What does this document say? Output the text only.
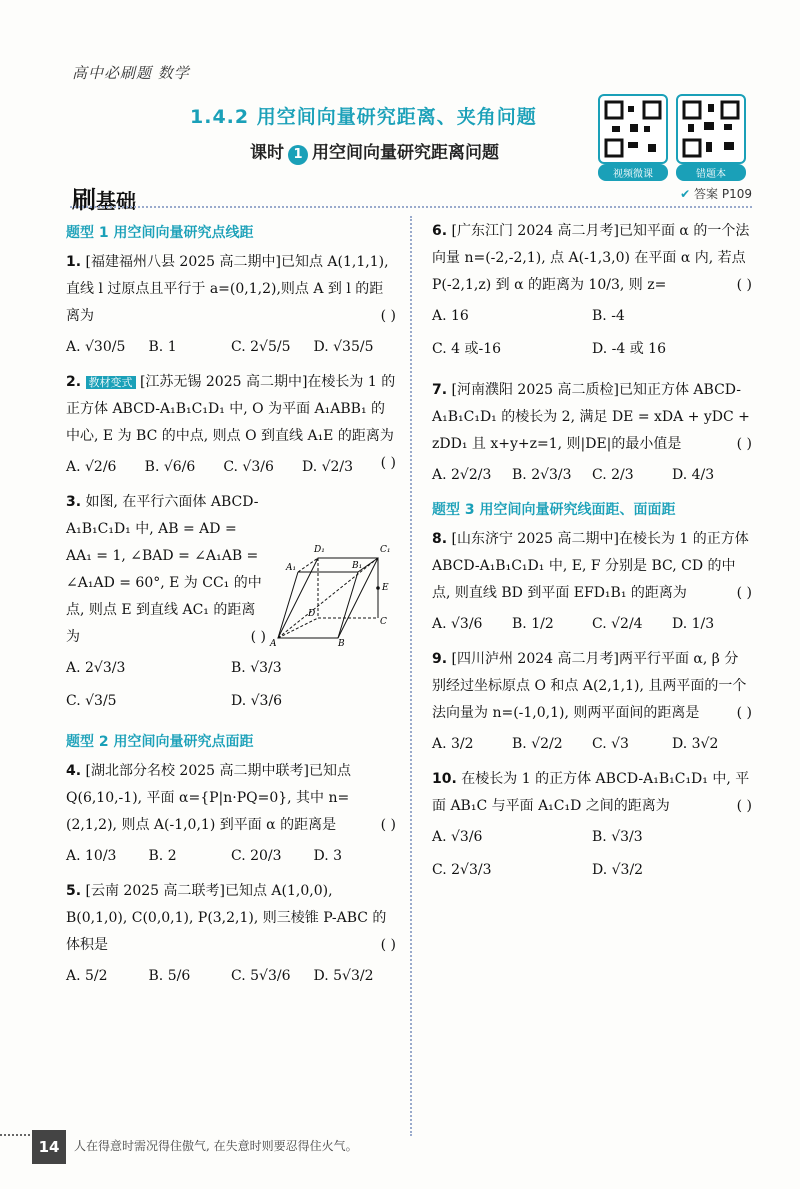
高中必刷题 数学
1.4.2 用空间向量研究距离、夹角问题
课时 1 用空间向量研究距离问题
视频微课	错题本
刷基础	✔ 答案 P109
题型 1 用空间向量研究点线距
1. [福建福州八县 2025 高二期中]已知点 A(1,1,1),直线 l 过原点且平行于 a=(0,1,2),则点 A 到 l 的距离为	( )
A. √30/5	B. 1	C. 2√5/5	D. √35/5
2. 教材变式 [江苏无锡 2025 高二期中]在棱长为 1 的正方体 ABCD-A₁B₁C₁D₁ 中, O 为平面 A₁ABB₁ 的中心, E 为 BC 的中点, 则点 O 到直线 A₁E 的距离为
( )
A. √2/6	B. √6/6	C. √3/6	D. √2/3
3. 如图, 在平行六面体 ABCD-A₁B₁C₁D₁ 中, AB = AD = AA₁ = 1, ∠BAD = ∠A₁AB = ∠A₁AD = 60°, E 为 CC₁ 的中点, 则点 E 到直线 AC₁ 的距离为	( )
A. 2√3/3	B. √3/3
C. √3/5	D. √3/6
题型 2 用空间向量研究点面距
4. [湖北部分名校 2025 高二期中联考]已知点 Q(6,10,-1), 平面 α={P|n·PQ=0}, 其中 n=(2,1,2), 则点 A(-1,0,1) 到平面 α 的距离是	( )
A. 10/3	B. 2	C. 20/3	D. 3
5. [云南 2025 高二联考]已知点 A(1,0,0), B(0,1,0), C(0,0,1), P(3,2,1), 则三棱锥 P-ABC 的体积是	( )
A. 5/2	B. 5/6	C. 5√3/6	D. 5√3/2
D₁	C₁
A₁	B₁
E
D
C
A	B
6. [广东江门 2024 高二月考]已知平面 α 的一个法向量 n=(-2,-2,1), 点 A(-1,3,0) 在平面 α 内, 若点 P(-2,1,z) 到 α 的距离为 10/3, 则 z=	( )
A. 16	B. -4
C. 4 或-16	D. -4 或 16
7. [河南濮阳 2025 高二质检]已知正方体 ABCD-A₁B₁C₁D₁ 的棱长为 2, 满足 DE = xDA + yDC + zDD₁ 且 x+y+z=1, 则|DE|的最小值是	( )
A. 2√2/3	B. 2√3/3	C. 2/3	D. 4/3
题型 3 用空间向量研究线面距、面面距
8. [山东济宁 2025 高二期中]在棱长为 1 的正方体 ABCD-A₁B₁C₁D₁ 中, E, F 分别是 BC, CD 的中点, 则直线 BD 到平面 EFD₁B₁ 的距离为	( )
A. √3/6	B. 1/2	C. √2/4	D. 1/3
9. [四川泸州 2024 高二月考]两平行平面 α, β 分别经过坐标原点 O 和点 A(2,1,1), 且两平面的一个法向量为 n=(-1,0,1), 则两平面间的距离是	( )
A. 3/2	B. √2/2	C. √3	D. 3√2
10. 在棱长为 1 的正方体 ABCD-A₁B₁C₁D₁ 中, 平面 AB₁C 与平面 A₁C₁D 之间的距离为	( )
A. √3/6	B. √3/3
C. 2√3/3	D. √3/2
14	人在得意时需况得住傲气, 在失意时则要忍得住火气。
